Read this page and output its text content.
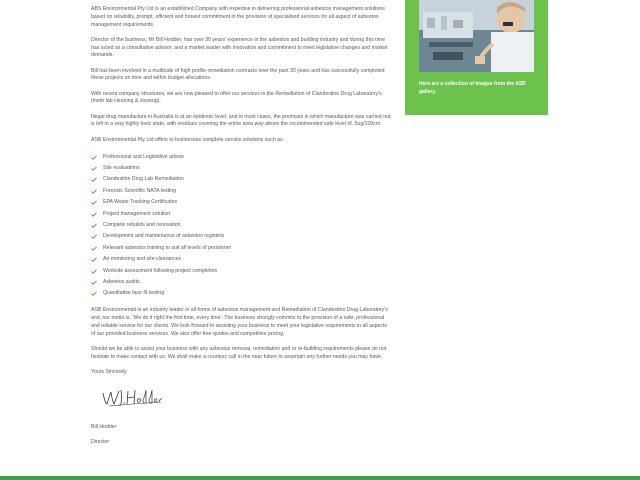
ABS Environmental Pty Ltd is an established Company with expertise in delivering professional asbestos management solutions based on reliability, prompt, efficient and honest commitment in the provision of specialised services for all aspect of asbestos management requirements.

Director of the business, Mr Bill Hodder, has over 30 years' experience in the asbestos and building industry and during this time has acted as a consultative advisor, and a market leader with innovation and commitment to meet legislative changes and market demands.

Bill has been involved in a multitude of high profile remediation contracts over the past 30 years and has successfully completed these projects on time and within budget allocations.

With recent company structures, we are now pleased to offer our services in the Remediation of Clandestine Drug Laboratory's (meth lab cleaning & closeup).

Illegal drug manufacture in Australia is at an epidemic level, and in most cases, the premises in which manufacture was carried out, is left in a very highly toxic state, with residues covering the entire area way above the recommended safe level of .5ug/100cm.

ASB Environmental Pty Ltd offers to businesses complete service solutions such as:

Professional and Legislative advise
Site evaluations
Clandestine Drug Lab Remediation
Forensic Scientific NATA testing
EPA Waste Tracking Certificates
Project management solution
Complete rebuilds and renovation
Development and maintenance of asbestos registers
Relevant asbestos training to suit all levels of personnel
Air monitoring and site clearances
Worksite assessment following project completion
Asbestos audits.
Quantitative face fit testing

ASB Environmental is an industry leader in all forms of asbestos management and Remediation of Clandestine Drug Laboratory's and, our motto is, 'We do it right the first time, every time'. The business strongly commits to the provision of a safe, professional and reliable service for our clients. We look forward to assisting your business to meet your legislative requirements in all aspects of our provided business services. We also offer free quotes and competitive pricing.

Should we be able to assist your business with any asbestos removal, remediation and or re-building requirements please do not hesitate to make contact with us. We shall make a courtesy call in the near future to ascertain any further needs you may have.

Yours Sincerely

Bill Hodder

Director

Here are a collection of images from the ASB gallery.
